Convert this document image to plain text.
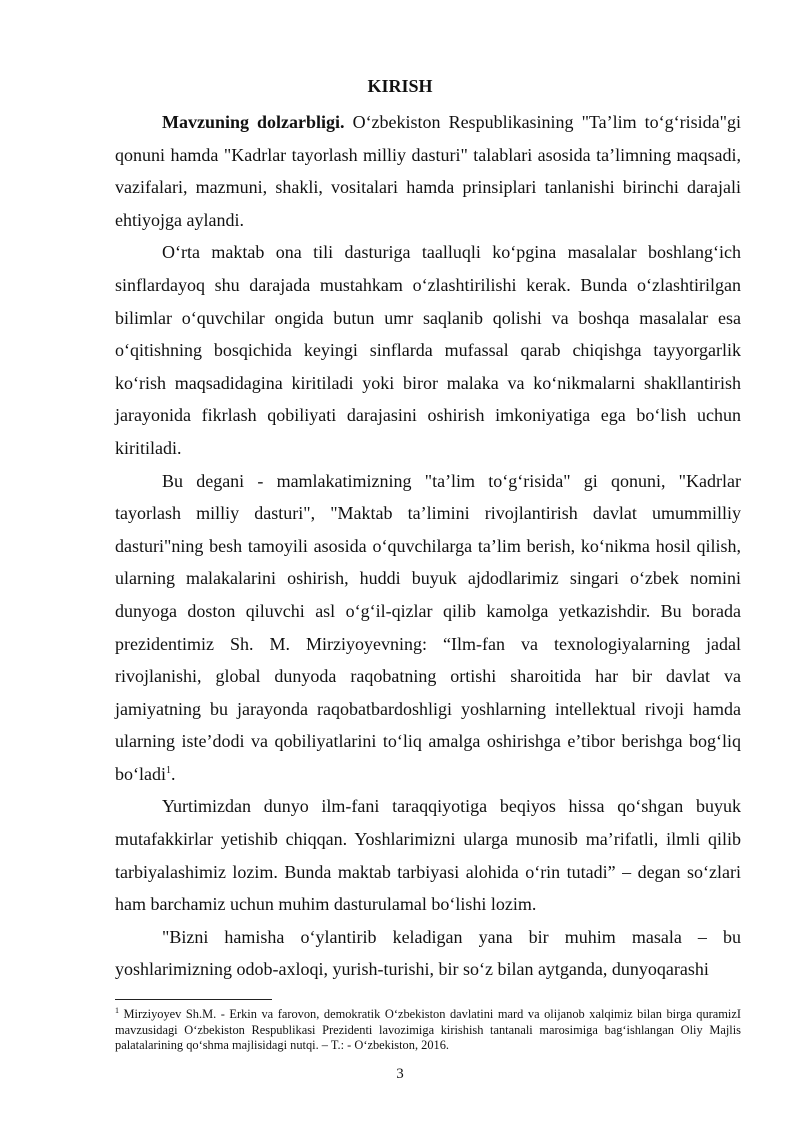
KIRISH

Mavzuning dolzarbligi. O‘zbekiston Respublikasining "Ta’lim to‘g‘risida"gi qonuni hamda "Kadrlar tayorlash milliy dasturi" talablari asosida ta’limning maqsadi, vazifalari, mazmuni, shakli, vositalari hamda prinsiplari tanlanishi birinchi darajali ehtiyojga aylandi.

O‘rta maktab ona tili dasturiga taalluqli ko‘pgina masalalar boshlang‘ich sinflardayoq shu darajada mustahkam o‘zlashtirilishi kerak. Bunda o‘zlashtirilgan bilimlar o‘quvchilar ongida butun umr saqlanib qolishi va boshqa masalalar esa o‘qitishning bosqichida keyingi sinflarda mufassal qarab chiqishga tayyorgarlik ko‘rish maqsadidagina kiritiladi yoki biror malaka va ko‘nikmalarni shakllantirish jarayonida fikrlash qobiliyati darajasini oshirish imkoniyatiga ega bo‘lish uchun kiritiladi.

Bu degani - mamlakatimizning "ta’lim to‘g‘risida" gi qonuni, "Kadrlar tayorlash milliy dasturi", "Maktab ta’limini rivojlantirish davlat umummilliy dasturi"ning besh tamoyili asosida o‘quvchilarga ta’lim berish, ko‘nikma hosil qilish, ularning malakalarini oshirish, huddi buyuk ajdodlarimiz singari o‘zbek nomini dunyoga doston qiluvchi asl o‘g‘il-qizlar qilib kamolga yetkazishdir. Bu borada prezidentimiz Sh. M. Mirziyoyevning: “Ilm-fan va texnologiyalarning jadal rivojlanishi, global dunyoda raqobatning ortishi sharoitida har bir davlat va jamiyatning bu jarayonda raqobatbardoshligi yoshlarning intellektual rivoji hamda ularning iste’dodi va qobiliyatlarini to‘liq amalga oshirishga e’tibor berishga bog‘liq bo‘ladi$^1$.

Yurtimizdan dunyo ilm-fani taraqqiyotiga beqiyos hissa qo‘shgan buyuk mutafakkirlar yetishib chiqqan. Yoshlarimizni ularga munosib ma’rifatli, ilmli qilib tarbiyalashimiz lozim. Bunda maktab tarbiyasi alohida o‘rin tutadi” – degan so‘zlari ham barchamiz uchun muhim dasturulamal bo‘lishi lozim.

"Bizni hamisha o‘ylantirib keladigan yana bir muhim masala – bu yoshlarimizning odob-axloqi, yurish-turishi, bir so‘z bilan aytganda, dunyoqarashi

$^1$ Mirziyoyev Sh.M. - Erkin va farovon, demokratik O‘zbekiston davlatini mard va olijanob xalqimiz bilan birga quramizI mavzusidagi O‘zbekiston Respublikasi Prezidenti lavozimiga kirishish tantanali marosimiga bag‘ishlangan Oliy Majlis palatalarining qo‘shma majlisidagi nutqi. – T.: - O‘zbekiston, 2016.
3
